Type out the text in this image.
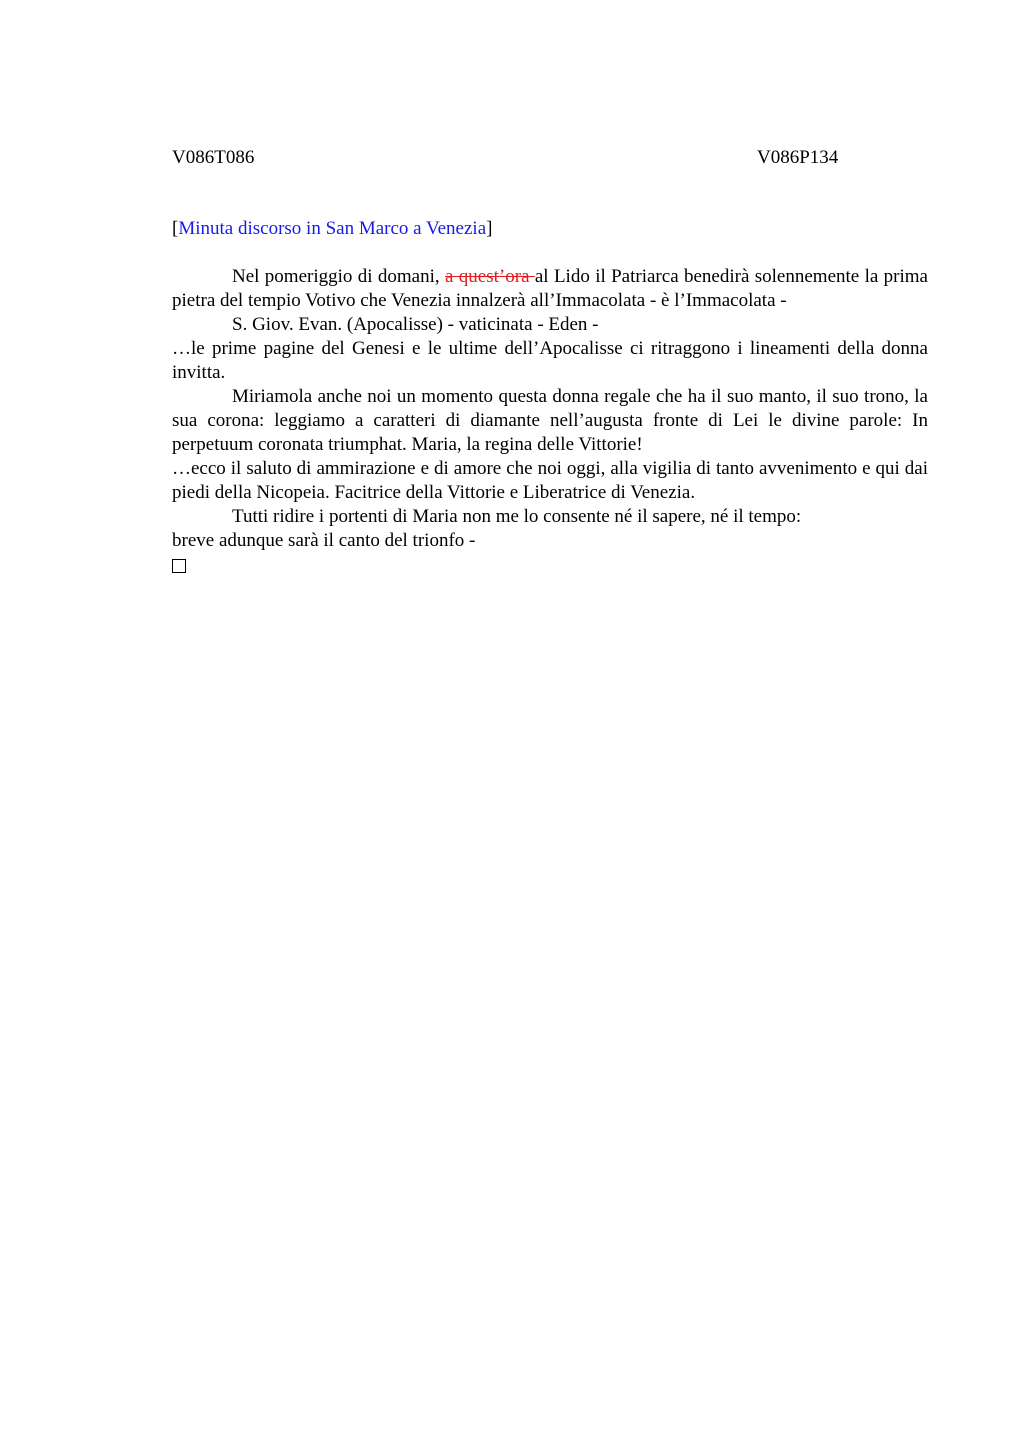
V086T086	V086P134
[Minuta discorso in San Marco a Venezia]

Nel pomeriggio di domani, a quest’ora al Lido il Patriarca benedirà solennemente la prima pietra del tempio Votivo che Venezia innalzerà all’Immacolata - è l’Immacolata -

S. Giov. Evan. (Apocalisse) - vaticinata - Eden -

…le prime pagine del Genesi e le ultime dell’Apocalisse ci ritraggono i lineamenti della donna invitta.

Miriamola anche noi un momento questa donna regale che ha il suo manto, il suo trono, la sua corona: leggiamo a caratteri di diamante nell’augusta fronte di Lei le divine parole: In perpetuum coronata triumphat. Maria, la regina delle Vittorie!

…ecco il saluto di ammirazione e di amore che noi oggi, alla vigilia di tanto avvenimento e qui dai piedi della Nicopeia. Facitrice della Vittorie e Liberatrice di Venezia.

Tutti ridire i portenti di Maria non me lo consente né il sapere, né il tempo:

breve adunque sarà il canto del trionfo -
